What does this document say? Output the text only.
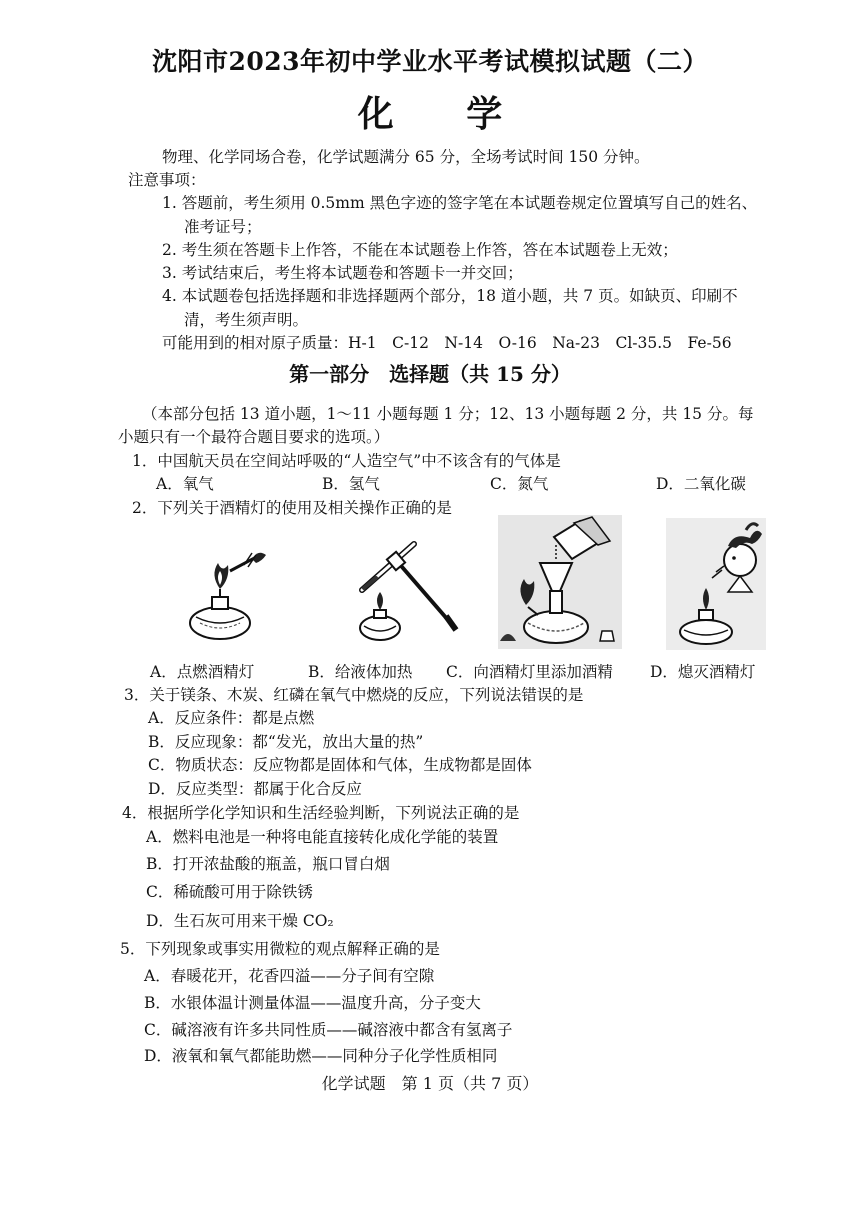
沈阳市2023年初中学业水平考试模拟试题（二）
化 学
物理、化学同场合卷，化学试题满分 65 分，全场考试时间 150 分钟。
注意事项：
1. 答题前，考生须用 0.5mm 黑色字迹的签字笔在本试题卷规定位置填写自己的姓名、
准考证号；
2. 考生须在答题卡上作答，不能在本试题卷上作答，答在本试题卷上无效；
3. 考试结束后，考生将本试题卷和答题卡一并交回；
4. 本试题卷包括选择题和非选择题两个部分，18 道小题，共 7 页。如缺页、印刷不
清，考生须声明。
可能用到的相对原子质量：H-1　C-12　N-14　O-16　Na-23　Cl-35.5　Fe-56
第一部分　选择题（共 15 分）
（本部分包括 13 道小题，1～11 小题每题 1 分；12、13 小题每题 2 分，共 15 分。每
小题只有一个最符合题目要求的选项。）
1．中国航天员在空间站呼吸的“人造空气”中不该含有的气体是
A．氧气	B．氢气	C．氮气	D．二氧化碳
2．下列关于酒精灯的使用及相关操作正确的是
A．点燃酒精灯	B．给液体加热 C．向酒精灯里添加酒精 D．熄灭酒精灯
3．关于镁条、木炭、红磷在氧气中燃烧的反应，下列说法错误的是
A．反应条件：都是点燃
B．反应现象：都“发光，放出大量的热”
C．物质状态：反应物都是固体和气体，生成物都是固体
D．反应类型：都属于化合反应
4．根据所学化学知识和生活经验判断，下列说法正确的是
A．燃料电池是一种将电能直接转化成化学能的装置
B．打开浓盐酸的瓶盖，瓶口冒白烟
C．稀硫酸可用于除铁锈
D．生石灰可用来干燥 CO₂
5．下列现象或事实用微粒的观点解释正确的是
A．春暖花开，花香四溢——分子间有空隙
B．水银体温计测量体温——温度升高，分子变大
C．碱溶液有许多共同性质——碱溶液中都含有氢离子
D．液氧和氧气都能助燃——同种分子化学性质相同
化学试题　第 1 页（共 7 页）
